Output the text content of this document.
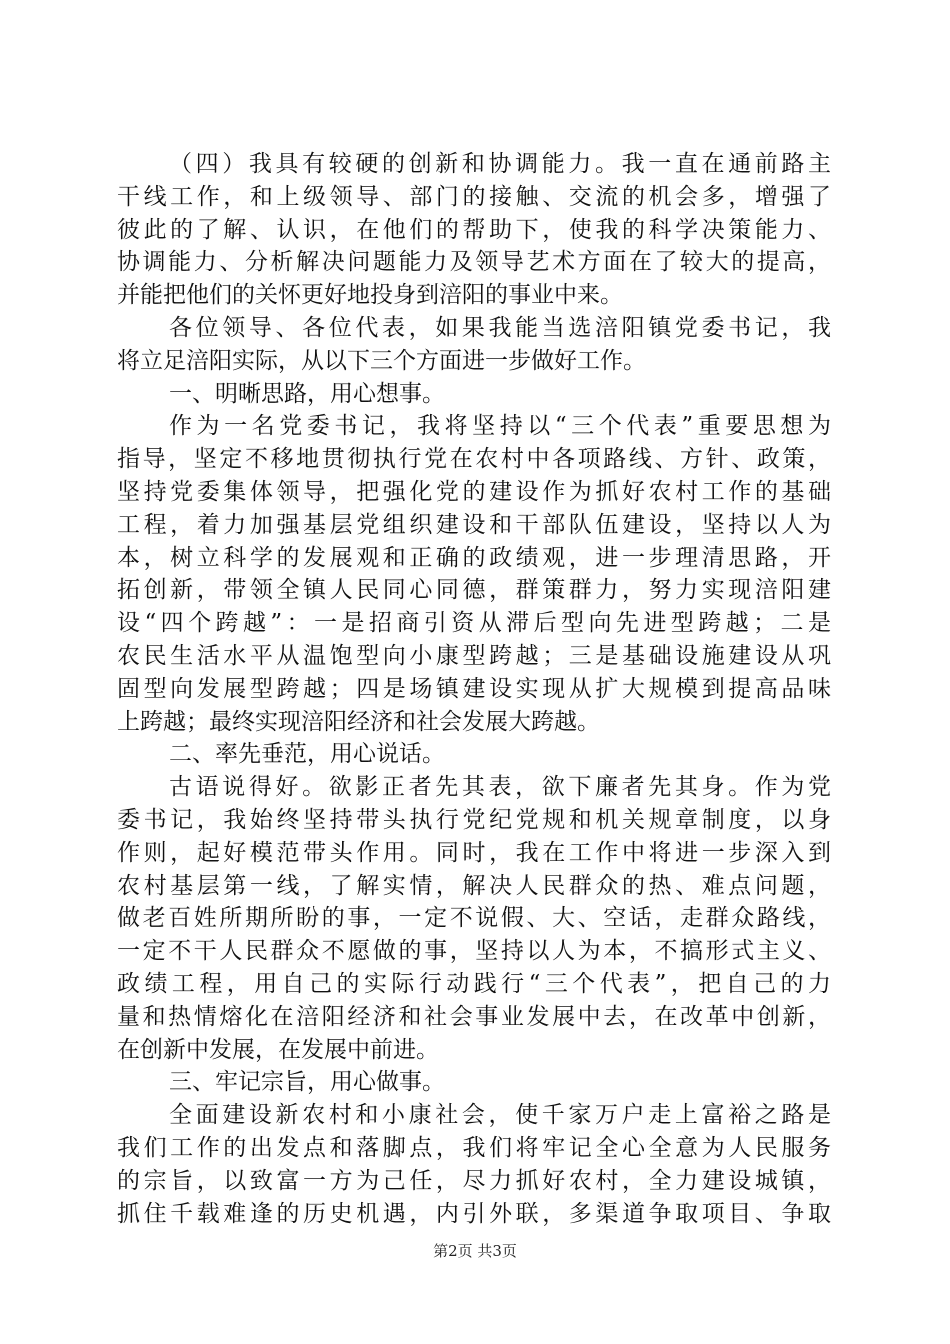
（四）我具有较硬的创新和协调能力。我一直在通前路主
干线工作，和上级领导、部门的接触、交流的机会多，增强了
彼此的了解、认识，在他们的帮助下，使我的科学决策能力、
协调能力、分析解决问题能力及领导艺术方面在了较大的提高，
并能把他们的关怀更好地投身到涪阳的事业中来。
各位领导、各位代表，如果我能当选涪阳镇党委书记，我
将立足涪阳实际，从以下三个方面进一步做好工作。
一、明晰思路，用心想事。
作为一名党委书记，我将坚持以“三个代表”重要思想为
指导，坚定不移地贯彻执行党在农村中各项路线、方针、政策，
坚持党委集体领导，把强化党的建设作为抓好农村工作的基础
工程，着力加强基层党组织建设和干部队伍建设，坚持以人为
本，树立科学的发展观和正确的政绩观，进一步理清思路，开
拓创新，带领全镇人民同心同德，群策群力，努力实现涪阳建
设“四个跨越”：一是招商引资从滞后型向先进型跨越；二是
农民生活水平从温饱型向小康型跨越；三是基础设施建设从巩
固型向发展型跨越；四是场镇建设实现从扩大规模到提高品味
上跨越；最终实现涪阳经济和社会发展大跨越。
二、率先垂范，用心说话。
古语说得好。欲影正者先其表，欲下廉者先其身。作为党
委书记，我始终坚持带头执行党纪党规和机关规章制度，以身
作则，起好模范带头作用。同时，我在工作中将进一步深入到
农村基层第一线，了解实情，解决人民群众的热、难点问题，
做老百姓所期所盼的事，一定不说假、大、空话，走群众路线，
一定不干人民群众不愿做的事，坚持以人为本，不搞形式主义、
政绩工程，用自己的实际行动践行“三个代表”，把自己的力
量和热情熔化在涪阳经济和社会事业发展中去，在改革中创新，
在创新中发展，在发展中前进。
三、牢记宗旨，用心做事。
全面建设新农村和小康社会，使千家万户走上富裕之路是
我们工作的出发点和落脚点，我们将牢记全心全意为人民服务
的宗旨，以致富一方为己任，尽力抓好农村，全力建设城镇，
抓住千载难逢的历史机遇，内引外联，多渠道争取项目、争取
第2页 共3页
